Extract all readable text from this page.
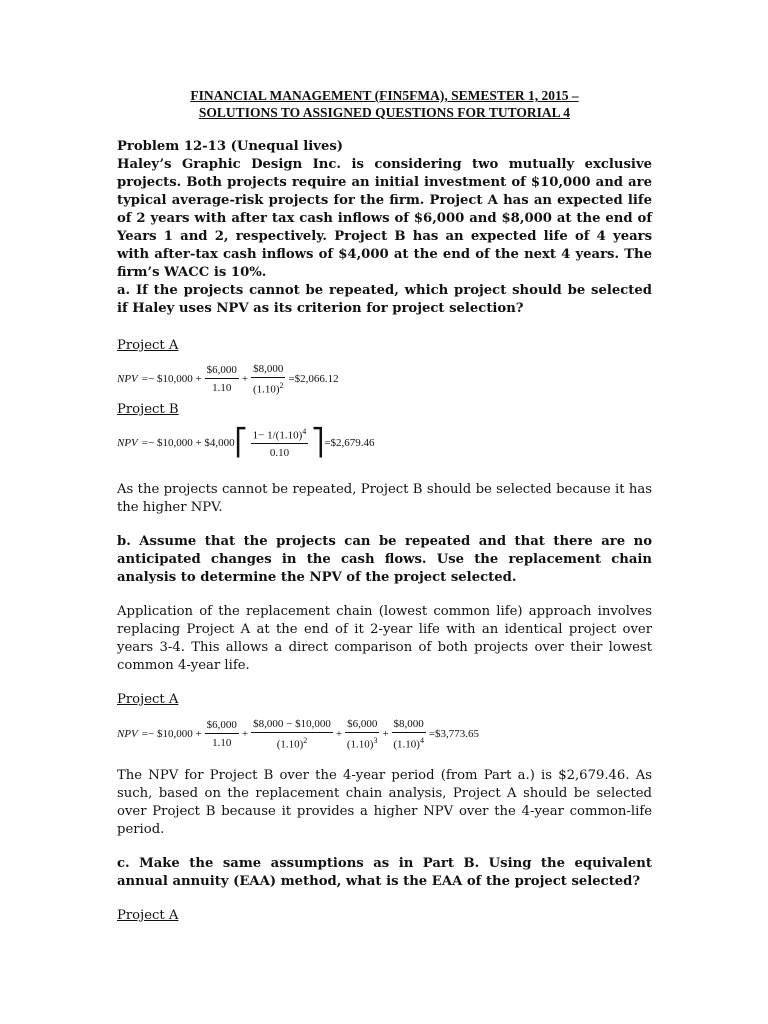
FINANCIAL MANAGEMENT (FIN5FMA), SEMESTER 1, 2015 –
SOLUTIONS TO ASSIGNED QUESTIONS FOR TUTORIAL 4

Problem 12-13 (Unequal lives)

Haley’s Graphic Design Inc. is considering two mutually exclusive projects. Both projects require an initial investment of $10,000 and are typical average-risk projects for the firm. Project A has an expected life of 2 years with after tax cash inflows of $6,000 and $8,000 at the end of Years 1 and 2, respectively. Project B has an expected life of 4 years with after-tax cash inflows of $4,000 at the end of the next 4 years. The firm’s WACC is 10%.

a. If the projects cannot be repeated, which project should be selected if Haley uses NPV as its criterion for project selection?

Project A
NPV =− $10,000 + $\frac{\$6,000}{1.10} + \frac{\$8,000}{(1.10)^2}$ =$2,066.12
Project B
NPV =− $10,000 + $4,000 ⎡ $\frac{1- 1/(1.10)^4}{0.10}$ ⎤ =$2,679.46

As the projects cannot be repeated, Project B should be selected because it has the higher NPV.

b. Assume that the projects can be repeated and that there are no anticipated changes in the cash flows. Use the replacement chain analysis to determine the NPV of the project selected.

Application of the replacement chain (lowest common life) approach involves replacing Project A at the end of it 2-year life with an identical project over years 3-4. This allows a direct comparison of both projects over their lowest common 4-year life.

Project A
NPV =− $10,000 + $\frac{\$6,000}{1.10} + \frac{\$8,000 - \$10,000}{(1.10)^2} + \frac{\$6,000}{(1.10)^3} + \frac{\$8,000}{(1.10)^4}$ =$3,773.65

The NPV for Project B over the 4-year period (from Part a.) is $2,679.46. As such, based on the replacement chain analysis, Project A should be selected over Project B because it provides a higher NPV over the 4-year common-life period.

c. Make the same assumptions as in Part B. Using the equivalent annual annuity (EAA) method, what is the EAA of the project selected?

Project A
